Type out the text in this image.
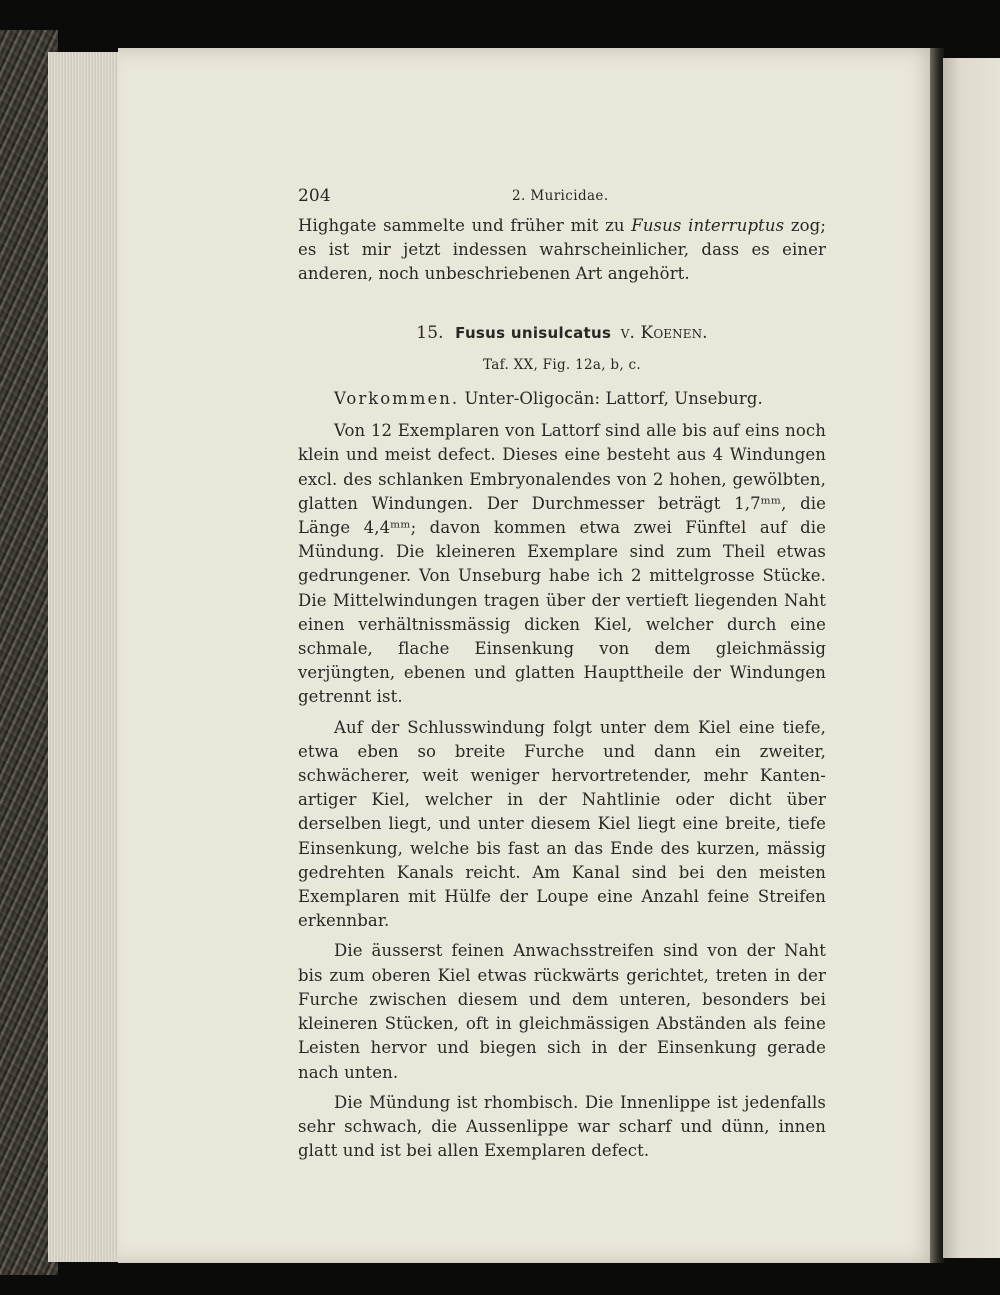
204	2. Muricidae.

Highgate sammelte und früher mit zu Fusus interruptus zog; es ist mir jetzt indessen wahrscheinlicher, dass es einer anderen, noch unbeschriebenen Art angehört.

15. Fusus unisulcatus v. Koenen.
Taf. XX, Fig. 12a, b, c.

Vorkommen. Unter-Oligocän: Lattorf, Unseburg.

Von 12 Exemplaren von Lattorf sind alle bis auf eins noch klein und meist defect. Dieses eine besteht aus 4 Windungen excl. des schlanken Embryonalendes von 2 hohen, gewölbten, glatten Windungen. Der Durchmesser beträgt 1,7ᵐᵐ, die Länge 4,4ᵐᵐ; davon kommen etwa zwei Fünftel auf die Mündung. Die kleineren Exemplare sind zum Theil etwas gedrungener. Von Unseburg habe ich 2 mittelgrosse Stücke. Die Mittelwindungen tragen über der vertieft liegenden Naht einen verhältnissmässig dicken Kiel, welcher durch eine schmale, flache Einsenkung von dem gleichmässig verjüngten, ebenen und glatten Haupttheile der Windungen getrennt ist.

Auf der Schlusswindung folgt unter dem Kiel eine tiefe, etwa eben so breite Furche und dann ein zweiter, schwächerer, weit weniger hervortretender, mehr Kanten-artiger Kiel, welcher in der Nahtlinie oder dicht über derselben liegt, und unter diesem Kiel liegt eine breite, tiefe Einsenkung, welche bis fast an das Ende des kurzen, mässig gedrehten Kanals reicht. Am Kanal sind bei den meisten Exemplaren mit Hülfe der Loupe eine Anzahl feine Streifen erkennbar.

Die äusserst feinen Anwachsstreifen sind von der Naht bis zum oberen Kiel etwas rückwärts gerichtet, treten in der Furche zwischen diesem und dem unteren, besonders bei kleineren Stücken, oft in gleichmässigen Abständen als feine Leisten hervor und biegen sich in der Einsenkung gerade nach unten.

Die Mündung ist rhombisch. Die Innenlippe ist jedenfalls sehr schwach, die Aussenlippe war scharf und dünn, innen glatt und ist bei allen Exemplaren defect.
